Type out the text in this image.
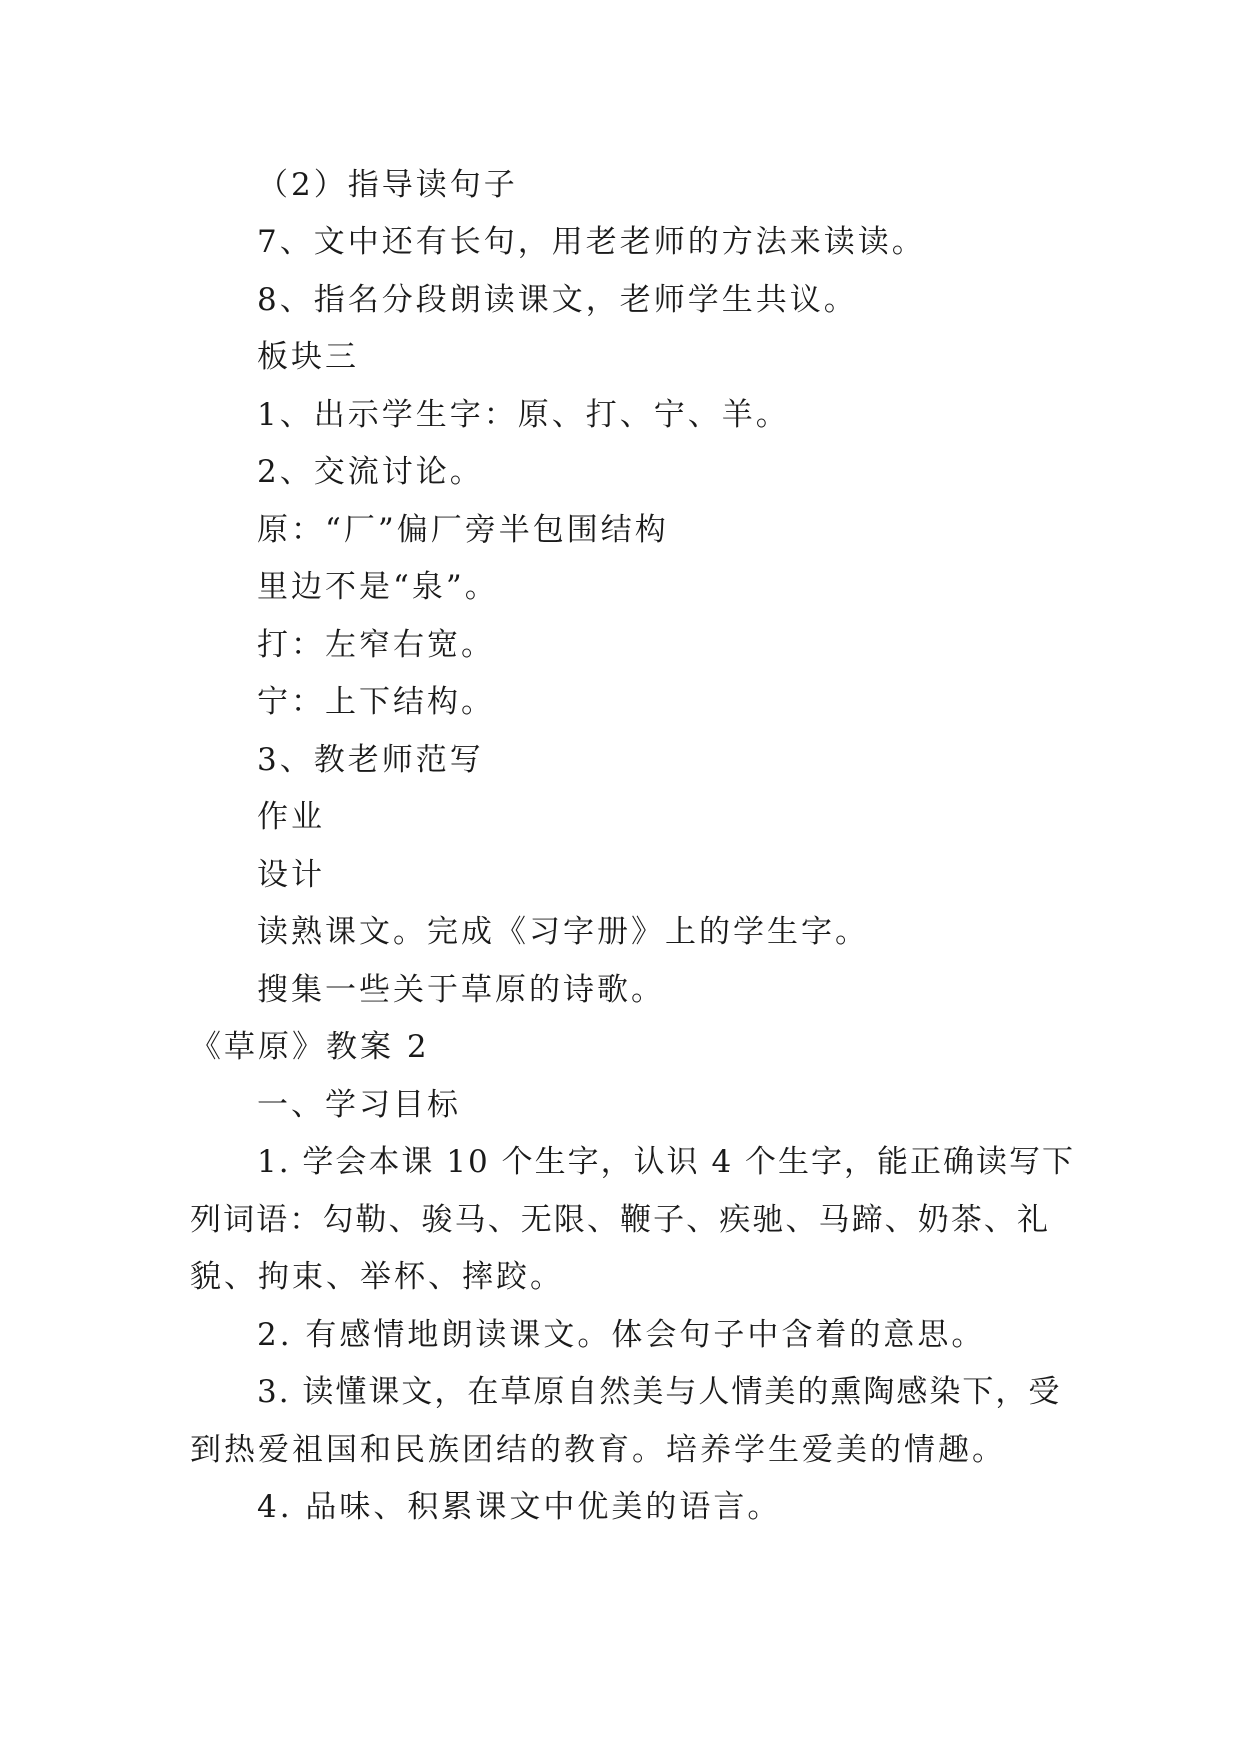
（2）指导读句子
7、文中还有长句，用老老师的方法来读读。
8、指名分段朗读课文，老师学生共议。
板块三
1、出示学生字：原、打、宁、羊。
2、交流讨论。
原：“厂”偏厂旁半包围结构
里边不是“泉”。
打：左窄右宽。
宁：上下结构。
3、教老师范写
作业
设计
读熟课文。完成《习字册》上的学生字。
搜集一些关于草原的诗歌。
《草原》教案 2
一、学习目标
1. 学会本课 10 个生字，认识 4 个生字，能正确读写下
列词语：勾勒、骏马、无限、鞭子、疾驰、马蹄、奶茶、礼
貌、拘束、举杯、摔跤。
2. 有感情地朗读课文。体会句子中含着的意思。
3. 读懂课文，在草原自然美与人情美的熏陶感染下，受
到热爱祖国和民族团结的教育。培养学生爱美的情趣。
4. 品味、积累课文中优美的语言。
